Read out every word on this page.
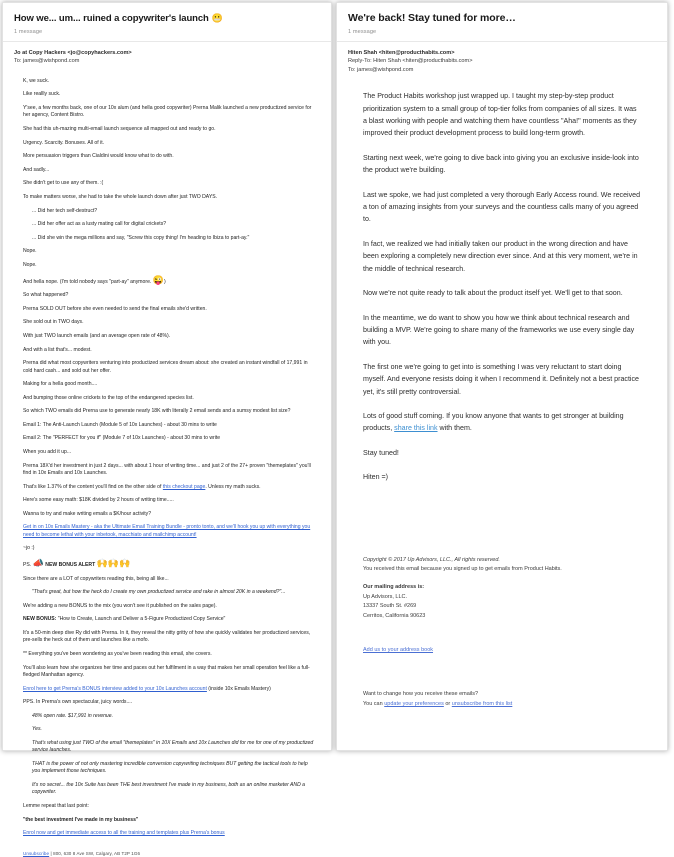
How we... um... ruined a copywriter's launch 😬
1 message
Jo at Copy Hackers <jo@copyhackers.com>
To: james@wishpond.com

K, we suck.

Like reallly suck.

Y'see, a few months back, one of our 10x alum (and hella good copywriter) Prerna Malik launched a new productized service for her agency, Content Bistro.

She had this uh-mazing multi-email launch sequence all mapped out and ready to go.

Urgency. Scarcity. Bonuses. All of it.

More persuasion triggers than Cialdini would know what to do with.

And sadly...

She didn't get to use any of them. :(

To make matters worse, she had to take the whole launch down after just TWO DAYS.

... Did her tech self-destruct?

... Did her offer act as a lusty mating call for digital crickets?

... Did she win the mega millions and say, "Screw this copy thing! I'm heading to Ibiza to part-ay."

Nope.

Nope.

And hella nope. (I'm told nobody says "part-ay" anymore. 😜)

So what happened?

Prerna SOLD OUT before she even needed to send the final emails she'd written.

She sold out in TWO days.

With just TWO launch emails (and an average open rate of 48%).

And with a list that's... modest.

Prerna did what most copywriters venturing into productized services dream about: she created an instant windfall of 17,991 in cold hard cash... and sold out her offer.

Making for a hella good month....

And bumping those online crickets to the top of the endangered species list.

So which TWO emails did Prerna use to generate nearly 18K with literally 2 email sends and a sumsy modest list size?

Email 1: The Anti-Launch Launch (Module 5 of 10x Launches) - about 30 mins to write

Email 2: The "PERFECT for you if" (Module 7 of 10x Launches) - about 30 mins to write

When you add it up...

Prerna 18X'd her investment in just 2 days... with about 1 hour of writing time... and just 2 of the 27+ proven "themeplates" you'll find in 10x Emails and 10x Launches.

That's like 1.37% of the content you'll find on the other side of this checkout page. Unless my math sucks.

Here's some easy math: $18K divided by 2 hours of writing time.....

Wanna to try and make writing emails a $K/hour activity?

Get in on 10x Emails Mastery - aka the Ultimate Email Training Bundle - pronto tonto, and we'll hook you up with everything you need to become lethal with your inbetook, macchiato and mailchimp account!

~jo :)

PS. 📣 NEW BONUS ALERT 🙌🙌🙌

Since there are a LOT of copywriters reading this, being all like...

"That's great, but how the heck do I create my own productized service and rake in almost 20K in a weekend?"...

We're adding a new BONUS to the mix (you won't see it published on the sales page).

NEW BONUS: "How to Create, Launch and Deliver a 5-Figure Productized Copy Service"

It's a 50-min deep dive Ry did with Prerna. In it, they reveal the nitty gritty of how she quickly validates her productized services, pre-sells the heck out of them and launches like a mofo.

** Everything you've been wondering as you've been reading this email, she covers.

You'll also learn how she organizes her time and paces out her fulfilment in a way that makes her small operation feel like a full-fledged Manhattan agency.

Enrol here to get Prerna's BONUS interview added to your 10x Launches account (inside 10x Emails Mastery)

PPS. In Prerna's own spectacular, juicy words....

48% open rate. $17,991 in revenue.

Yes.

That's what using just TWO of the email "themeplates" in 10X Emails and 10x Launches did for me for one of my productized service launches.

THAT is the power of not only mastering incredible conversion copywriting techniques BUT getting the tactical tools to help you implement those techniques.

It's no secret... the 10x Suite has been THE best investment I've made in my business, both as an online marketer AND a copywriter.

Lemme repeat that last point:

"the best investment I've made in my business"

Enrol now and get immediate access to all the training and templates plus Prerna's bonus

Unsubscribe | 800, 630 8 Ave SW, Calgary, AB T2P 1G6
We're back! Stay tuned for more…
1 message
Hiten Shah <hiten@producthabits.com>
Reply-To: Hiten Shah <hiten@producthabits.com>
To: james@wishpond.com

The Product Habits workshop just wrapped up. I taught my step-by-step product prioritization system to a small group of top-tier folks from companies of all sizes. It was a blast working with people and watching them have countless "Aha!" moments as they improved their product development process to build long-term growth.

Starting next week, we're going to dive back into giving you an exclusive inside-look into the product we're building.

Last we spoke, we had just completed a very thorough Early Access round. We received a ton of amazing insights from your surveys and the countless calls many of you agreed to.

In fact, we realized we had initially taken our product in the wrong direction and have been exploring a completely new direction ever since. And at this very moment, we're in the middle of technical research.

Now we're not quite ready to talk about the product itself yet. We'll get to that soon.

In the meantime, we do want to show you how we think about technical research and building a MVP. We're going to share many of the frameworks we use every single day with you.

The first one we're going to get into is something I was very reluctant to start doing myself. And everyone resists doing it when I recommend it. Definitely not a best practice yet, it's still pretty controversial.

Lots of good stuff coming. If you know anyone that wants to get stronger at building products, share this link with them.

Stay tuned!

Hiten =)

Copyright © 2017 Up Advisors, LLC., All rights reserved.
You received this email because you signed up to get emails from Product Habits.
Our mailing address is:
Up Advisors, LLC.
13337 South St. #269
Cerritos, California 90623
Add us to your address book
Want to change how you receive these emails?
You can update your preferences or unsubscribe from this list
